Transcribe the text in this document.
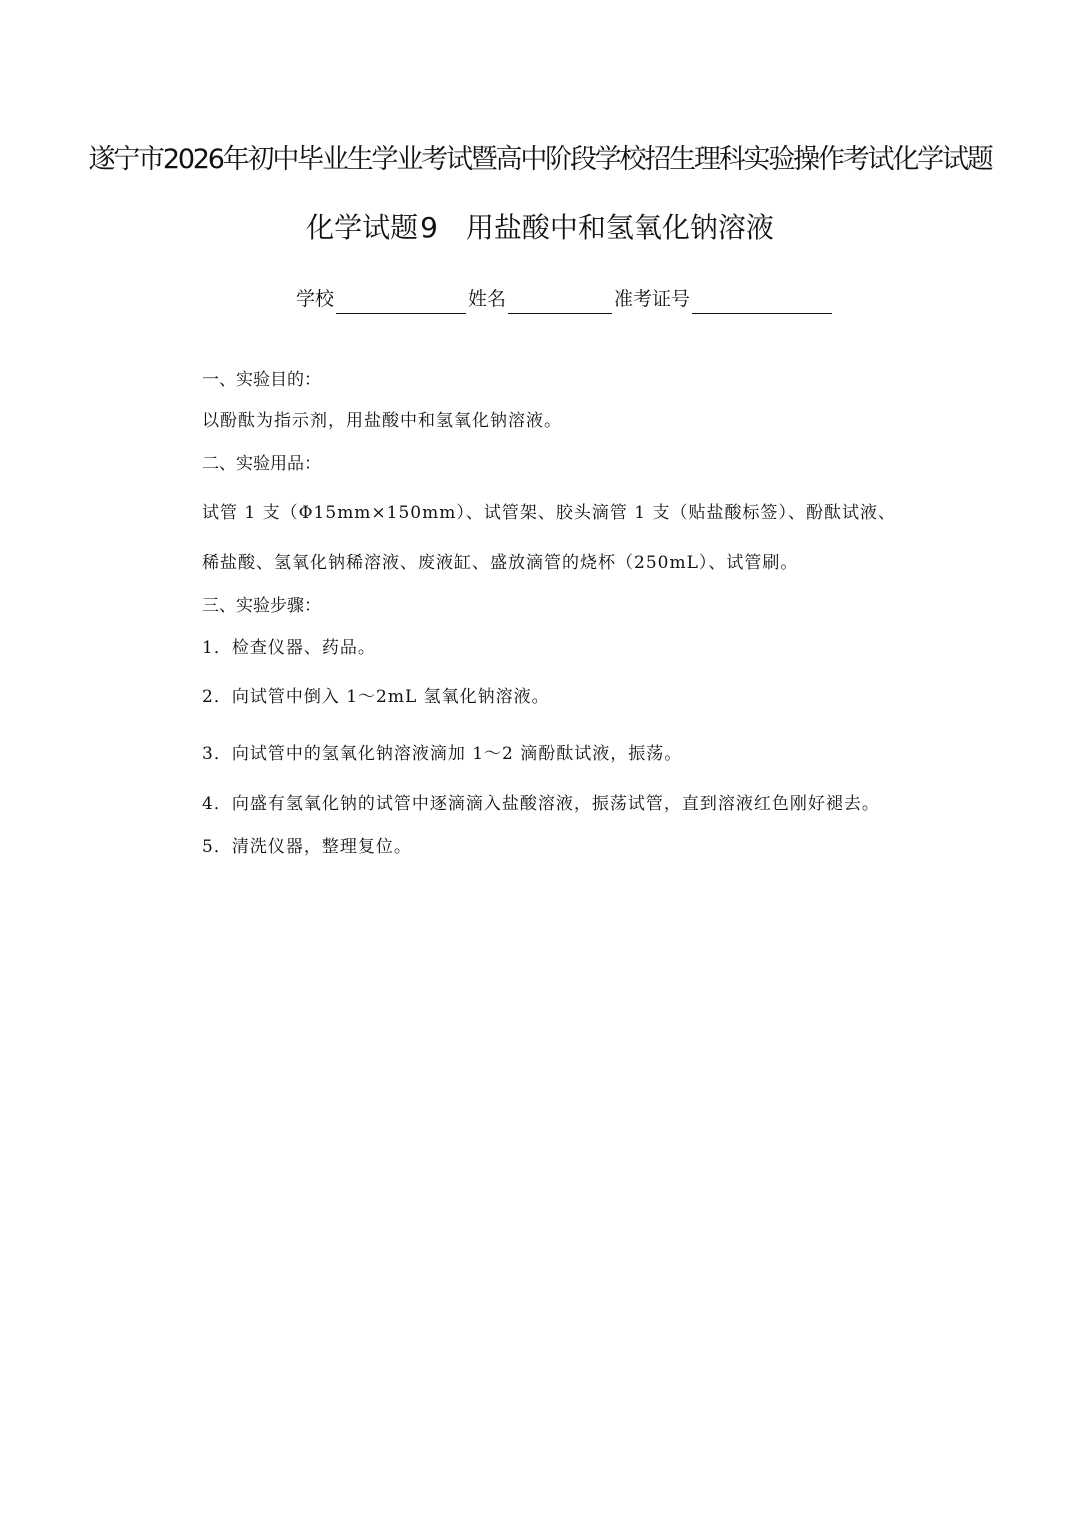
遂宁市2026年初中毕业生学业考试暨高中阶段学校招生理科实验操作考试化学试题
化学试题9 用盐酸中和氢氧化钠溶液
学校	姓名	准考证号
一、实验目的：
以酚酞为指示剂，用盐酸中和氢氧化钠溶液。
二、实验用品：
试管 1 支（Φ15mm×150mm）、试管架、胶头滴管 1 支（贴盐酸标签）、酚酞试液、
稀盐酸、氢氧化钠稀溶液、废液缸、盛放滴管的烧杯（250mL）、试管刷。
三、实验步骤：
1．检查仪器、药品。
2．向试管中倒入 1～2mL 氢氧化钠溶液。
3．向试管中的氢氧化钠溶液滴加 1～2 滴酚酞试液，振荡。
4．向盛有氢氧化钠的试管中逐滴滴入盐酸溶液，振荡试管，直到溶液红色刚好褪去。
5．清洗仪器，整理复位。
